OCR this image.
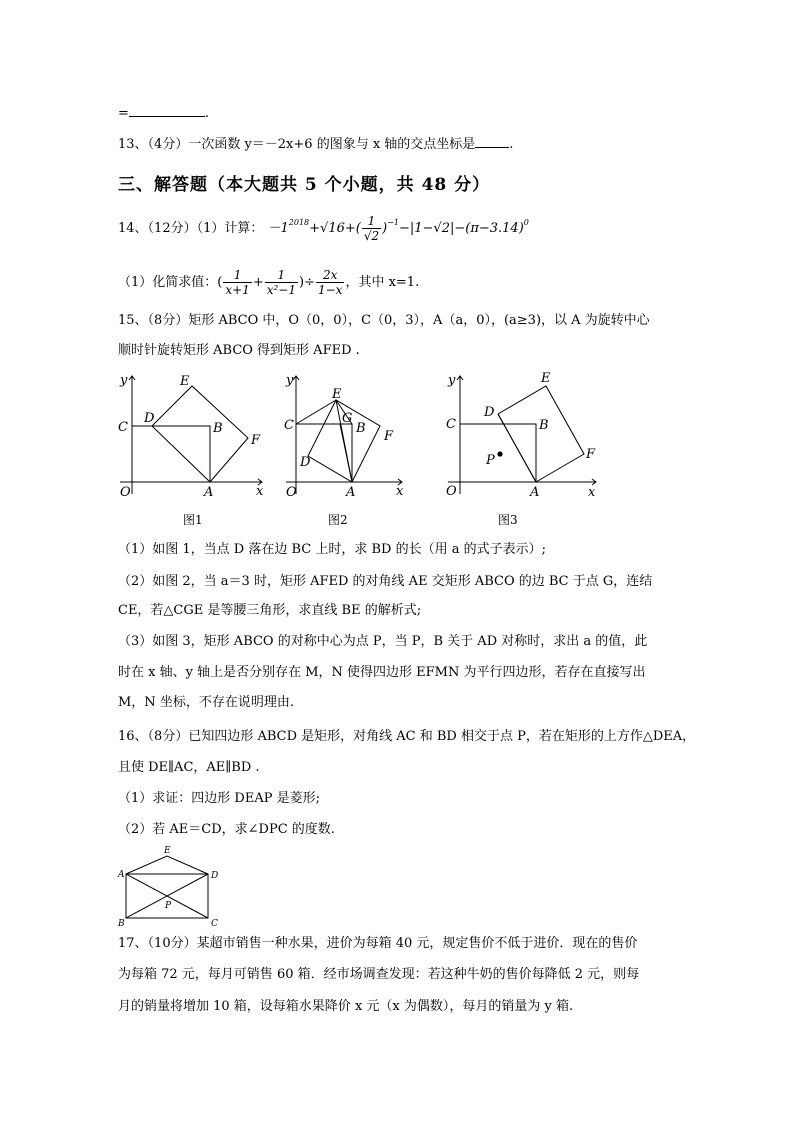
=	.
13、（4分）一次函数 y＝－2x+6 的图象与 x 轴的交点坐标是	.
三、解答题（本大题共 5 个小题，共 48 分）
14、（12分）（1）计算： $-1^{2018}+√16+( \frac{1}{√2} )^{-1}-|1-√2|-(\pi-3.14)^0$
（1）化简求值：( $\frac{1}{x+1} + \frac{1}{\text{x²−1}}$ )÷ $\frac{2x}{1-x}$ ，其中 x=1.
15、（8分）矩形 ABCO 中，O（0，0），C（0，3），A（a，0），(a≥3)，以 A 为旋转中心
顺时针旋转矩形 ABCO 得到矩形 AFED .
y
x
O
C
D
B
E
F
A
图1
y
x
O
C
E
G
B
F
D
A
图2
y
x
O
C
D
B
E
F
P
A
图3
（1）如图 1，当点 D 落在边 BC 上时，求 BD 的长（用 a 的式子表示）;
（2）如图 2，当 a＝3 时，矩形 AFED 的对角线 AE 交矩形 ABCO 的边 BC 于点 G，连结
CE，若△CGE 是等腰三角形，求直线 BE 的解析式;
（3）如图 3，矩形 ABCO 的对称中心为点 P，当 P，B 关于 AD 对称时，求出 a 的值，此
时在 x 轴、y 轴上是否分别存在 M，N 使得四边形 EFMN 为平行四边形，若存在直接写出
M，N 坐标，不存在说明理由.
16、（8分）已知四边形 ABCD 是矩形，对角线 AC 和 BD 相交于点 P，若在矩形的上方作△DEA，
且使 DE∥AC，AE∥BD .
（1）求证：四边形 DEAP 是菱形;
（2）若 AE＝CD，求∠DPC 的度数.
E
A	D
P
B	C
17、（10分）某超市销售一种水果，进价为每箱 40 元，规定售价不低于进价．现在的售价
为每箱 72 元，每月可销售 60 箱．经市场调查发现：若这种牛奶的售价每降低 2 元，则每
月的销量将增加 10 箱，设每箱水果降价 x 元（x 为偶数），每月的销量为 y 箱.
